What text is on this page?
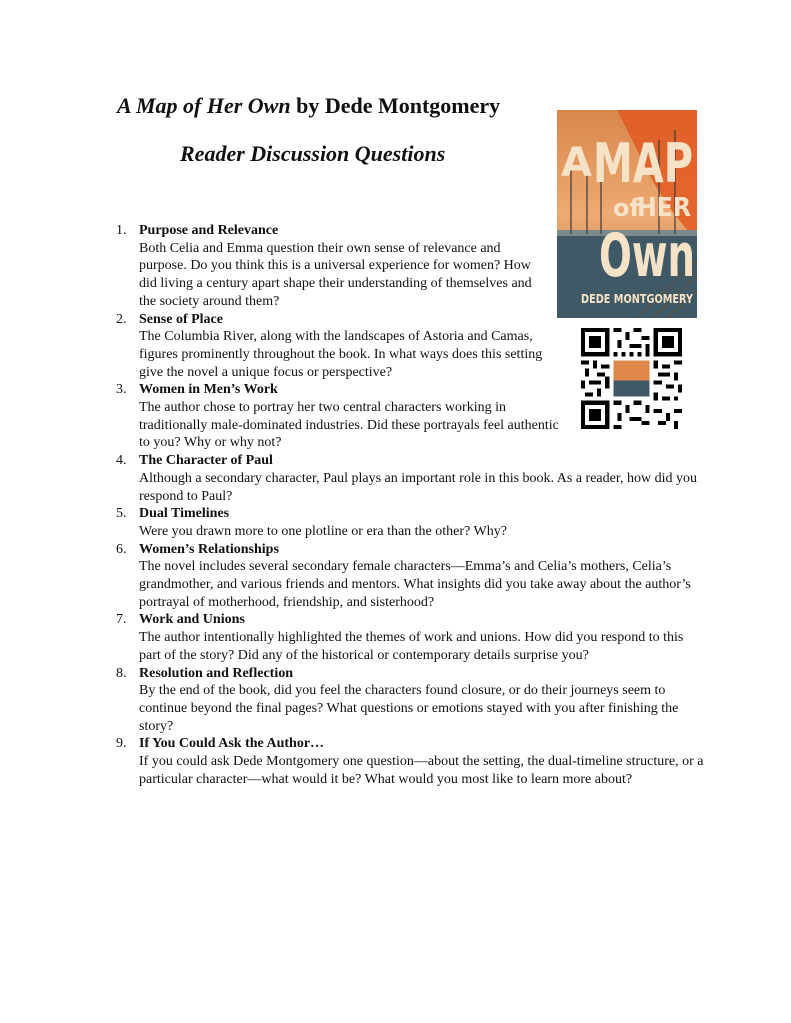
A Map of Her Own by Dede Montgomery
Reader Discussion Questions	A MAP
of
HER
Own
DEDE MONTGOMERY
1. Purpose and Relevance
Both Celia and Emma question their own sense of relevance and purpose. Do you think this is a universal experience for women? How did living a century apart shape their understanding of themselves and the society around them?
2. Sense of Place
The Columbia River, along with the landscapes of Astoria and Camas, figures prominently throughout the book. In what ways does this setting give the novel a unique focus or perspective?
3. Women in Men’s Work
The author chose to portray her two central characters working in traditionally male-dominated industries. Did these portrayals feel authentic to you? Why or why not?
4. The Character of Paul
Although a secondary character, Paul plays an important role in this book. As a reader, how did you respond to Paul?
5. Dual Timelines
Were you drawn more to one plotline or era than the other? Why?
6. Women’s Relationships
The novel includes several secondary female characters—Emma’s and Celia’s mothers, Celia’s grandmother, and various friends and mentors. What insights did you take away about the author’s portrayal of motherhood, friendship, and sisterhood?
7. Work and Unions
The author intentionally highlighted the themes of work and unions. How did you respond to this part of the story? Did any of the historical or contemporary details surprise you?
8. Resolution and Reflection
By the end of the book, did you feel the characters found closure, or do their journeys seem to continue beyond the final pages? What questions or emotions stayed with you after finishing the story?
9. If You Could Ask the Author…
If you could ask Dede Montgomery one question—about the setting, the dual-timeline structure, or a particular character—what would it be? What would you most like to learn more about?
